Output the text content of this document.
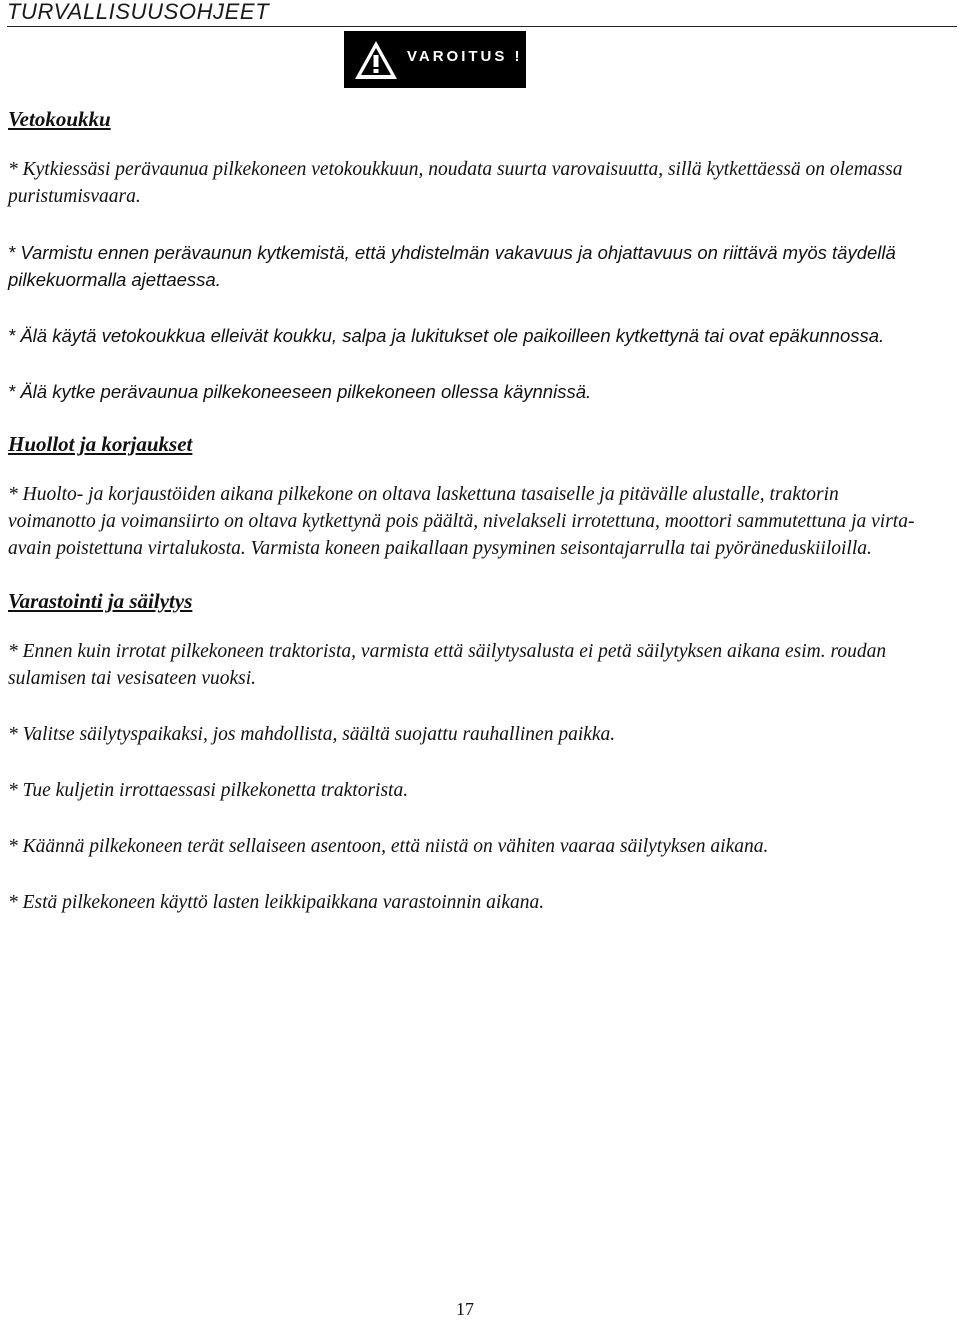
TURVALLISUUSOHJEET
VAROITUS !

Vetokoukku

* Kytkiessäsi perävaunua pilkekoneen vetokoukkuun, noudata suurta varovaisuutta, sillä kytkettäessä on olemassa puristumisvaara.

* Varmistu ennen perävaunun kytkemistä, että yhdistelmän vakavuus ja ohjattavuus on riittävä myös täydellä pilkekuormalla ajettaessa.

* Älä käytä vetokoukkua elleivät koukku, salpa ja lukitukset ole paikoilleen kytkettynä tai ovat epäkunnossa.

* Älä kytke perävaunua pilkekoneeseen pilkekoneen ollessa käynnissä.

Huollot ja korjaukset

* Huolto- ja korjaustöiden aikana pilkekone on oltava laskettuna tasaiselle ja pitävälle alustalle, traktorin voimanotto ja voimansiirto on oltava kytkettynä pois päältä, nivelakseli irrotettuna, moottori sammutettuna ja virta-avain poistettuna virtalukosta. Varmista koneen paikallaan pysyminen seisontajarrulla tai pyöräneduskiiloilla.

Varastointi ja säilytys

* Ennen kuin irrotat pilkekoneen traktorista, varmista että säilytysalusta ei petä säilytyksen aikana esim. roudan sulamisen tai vesisateen vuoksi.

* Valitse säilytyspaikaksi, jos mahdollista, säältä suojattu rauhallinen paikka.

* Tue kuljetin irrottaessasi pilkekonetta traktorista.

* Käännä pilkekoneen terät sellaiseen asentoon, että niistä on vähiten vaaraa säilytyksen aikana.

* Estä pilkekoneen käyttö lasten leikkipaikkana varastoinnin aikana.

17
